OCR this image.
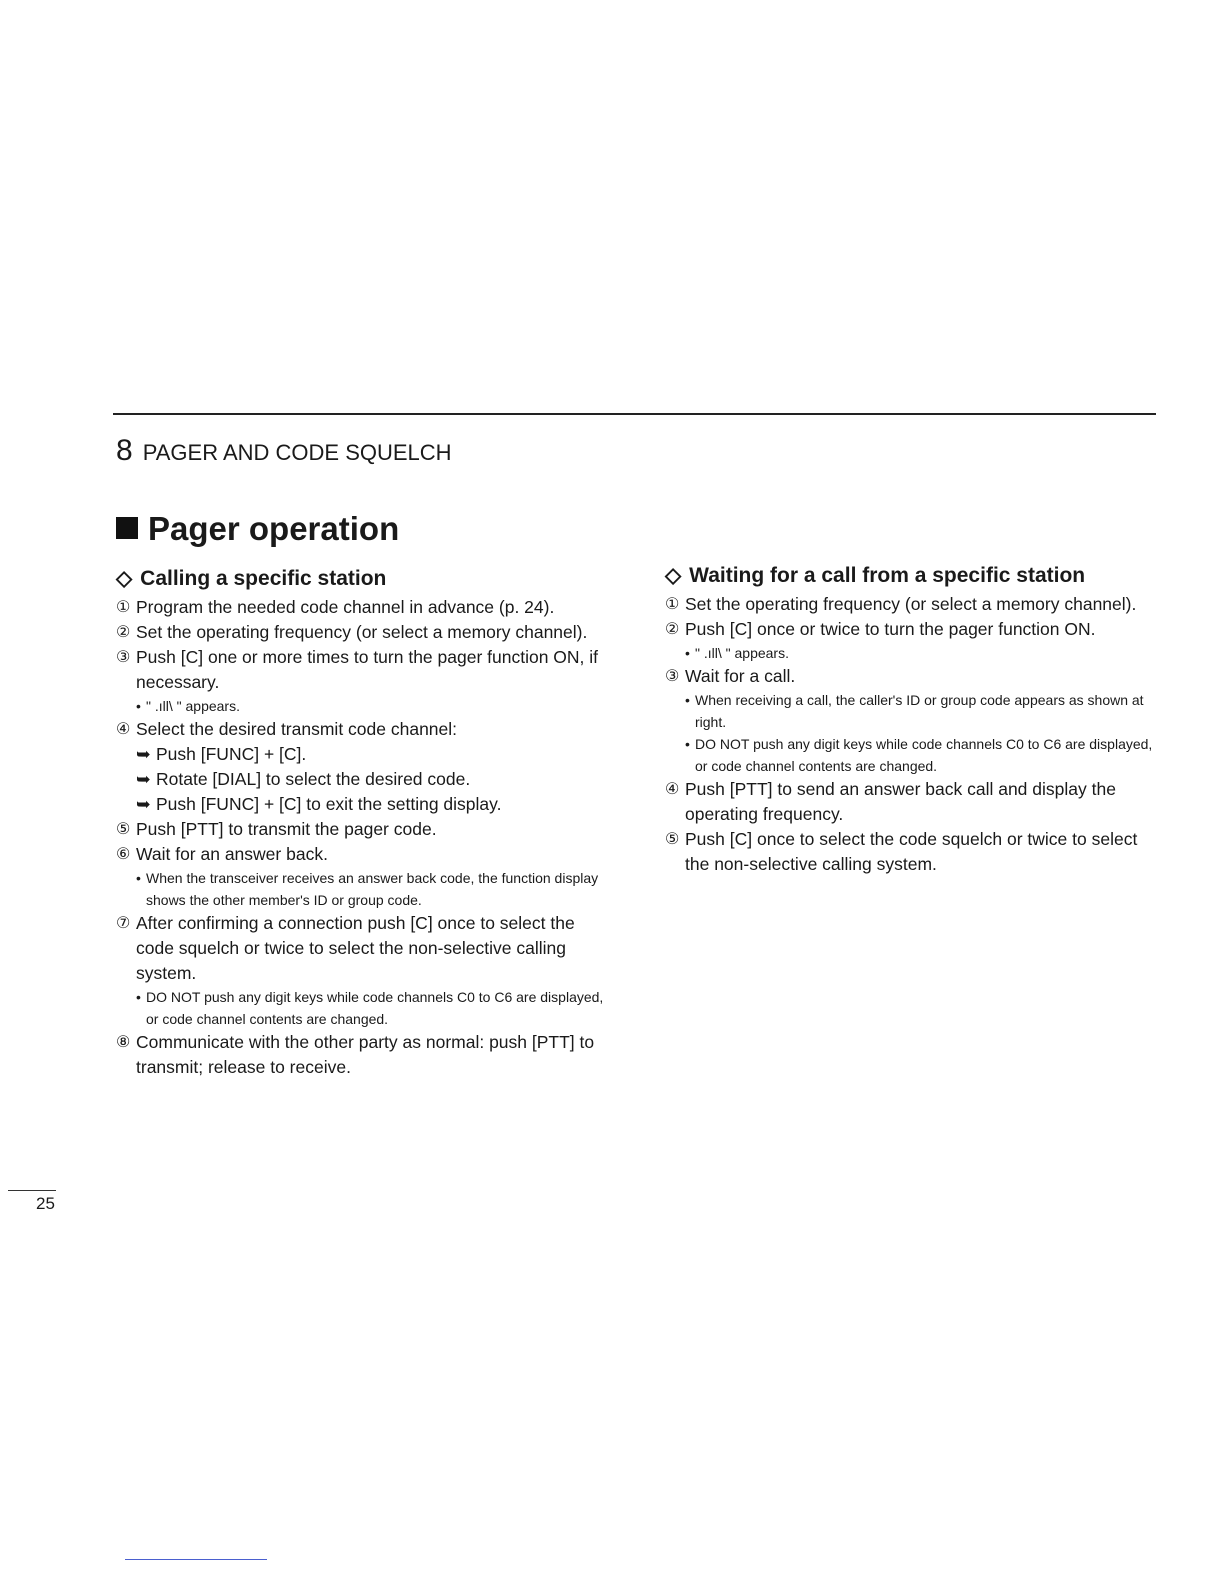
8 PAGER AND CODE SQUELCH
Pager operation
◇ Calling a specific station
① Program the needed code channel in advance (p. 24).
② Set the operating frequency (or select a memory channel).
③ Push [C] one or more times to turn the pager function ON, if necessary.
• " .ıll\ " appears.
④ Select the desired transmit code channel:
➥ Push [FUNC] + [C].
➥ Rotate [DIAL] to select the desired code.
➥ Push [FUNC] + [C] to exit the setting display.
⑤ Push [PTT] to transmit the pager code.
⑥ Wait for an answer back.
• When the transceiver receives an answer back code, the function display shows the other member's ID or group code.
⑦ After confirming a connection push [C] once to select the code squelch or twice to select the non-selective calling system.
• DO NOT push any digit keys while code channels C0 to C6 are displayed, or code channel contents are changed.
⑧ Communicate with the other party as normal: push [PTT] to transmit; release to receive.
◇ Waiting for a call from a specific station
① Set the operating frequency (or select a memory channel).
② Push [C] once or twice to turn the pager function ON.
• " .ıll\ " appears.
③ Wait for a call.
• When receiving a call, the caller's ID or group code appears as shown at right.
• DO NOT push any digit keys while code channels C0 to C6 are displayed, or code channel contents are changed.
④ Push [PTT] to send an answer back call and display the operating frequency.
⑤ Push [C] once to select the code squelch or twice to select the non-selective calling system.
25
